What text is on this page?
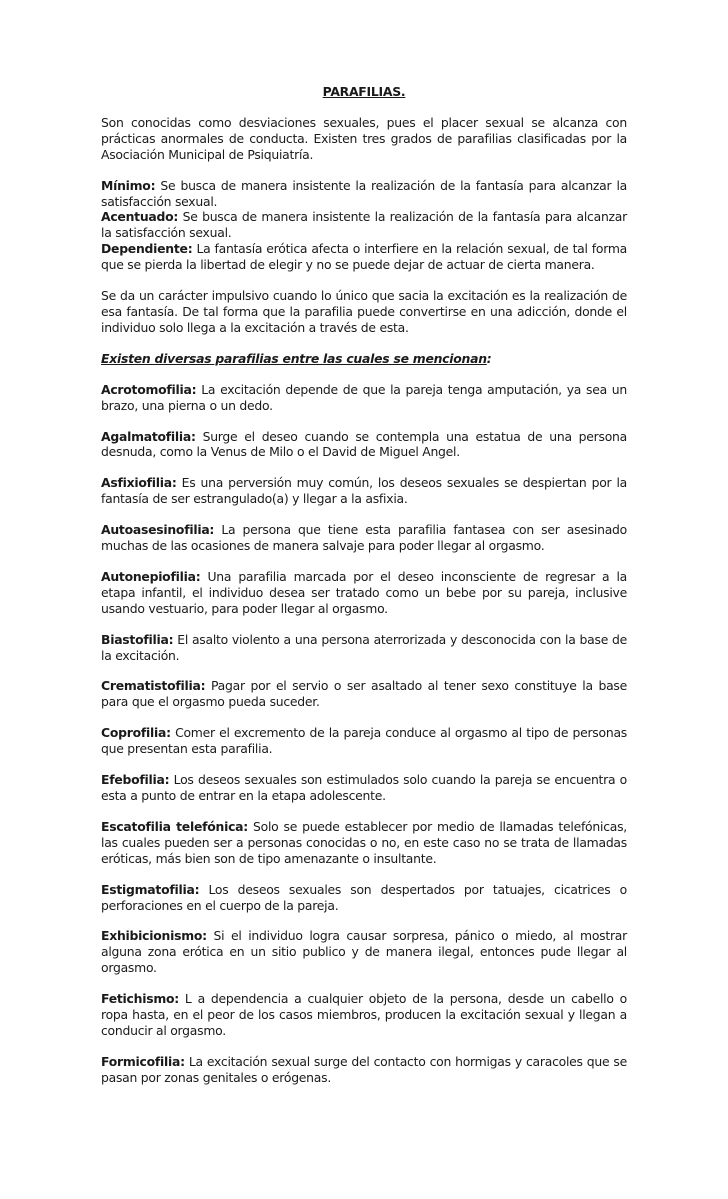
PARAFILIAS.

Son conocidas como desviaciones sexuales, pues el placer sexual se alcanza con prácticas anormales de conducta. Existen tres grados de parafilias clasificadas por la Asociación Municipal de Psiquiatría.

Mínimo: Se busca de manera insistente la realización de la fantasía para alcanzar la satisfacción sexual.

Acentuado: Se busca de manera insistente la realización de la fantasía para alcanzar la satisfacción sexual.

Dependiente: La fantasía erótica afecta o interfiere en la relación sexual, de tal forma que se pierda la libertad de elegir y no se puede dejar de actuar de cierta manera.

Se da un carácter impulsivo cuando lo único que sacia la excitación es la realización de esa fantasía. De tal forma que la parafilia puede convertirse en una adicción, donde el individuo solo llega a la excitación a través de esta.

Existen diversas parafilias entre las cuales se mencionan:

Acrotomofilia: La excitación depende de que la pareja tenga amputación, ya sea un brazo, una pierna o un dedo.

Agalmatofilia: Surge el deseo cuando se contempla una estatua de una persona desnuda, como la Venus de Milo o el David de Miguel Angel.

Asfixiofilia: Es una perversión muy común, los deseos sexuales se despiertan por la fantasía de ser estrangulado(a) y llegar a la asfixia.

Autoasesinofilia: La persona que tiene esta parafilia fantasea con ser asesinado muchas de las ocasiones de manera salvaje para poder llegar al orgasmo.

Autonepiofilia: Una parafilia marcada por el deseo inconsciente de regresar a la etapa infantil, el individuo desea ser tratado como un bebe por su pareja, inclusive usando vestuario, para poder llegar al orgasmo.

Biastofilia: El asalto violento a una persona aterrorizada y desconocida con la base de la excitación.

Crematistofilia: Pagar por el servio o ser asaltado al tener sexo constituye la base para que el orgasmo pueda suceder.

Coprofilia: Comer el excremento de la pareja conduce al orgasmo al tipo de personas que presentan esta parafilia.

Efebofilia: Los deseos sexuales son estimulados solo cuando la pareja se encuentra o esta a punto de entrar en la etapa adolescente.

Escatofilia telefónica: Solo se puede establecer por medio de llamadas telefónicas, las cuales pueden ser a personas conocidas o no, en este caso no se trata de llamadas eróticas, más bien son de tipo amenazante o insultante.

Estigmatofilia: Los deseos sexuales son despertados por tatuajes, cicatrices o perforaciones en el cuerpo de la pareja.

Exhibicionismo: Si el individuo logra causar sorpresa, pánico o miedo, al mostrar alguna zona erótica en un sitio publico y de manera ilegal, entonces pude llegar al orgasmo.

Fetichismo: L a dependencia a cualquier objeto de la persona, desde un cabello o ropa hasta, en el peor de los casos miembros, producen la excitación sexual y llegan a conducir al orgasmo.

Formicofilia: La excitación sexual surge del contacto con hormigas y caracoles que se pasan por zonas genitales o erógenas.
